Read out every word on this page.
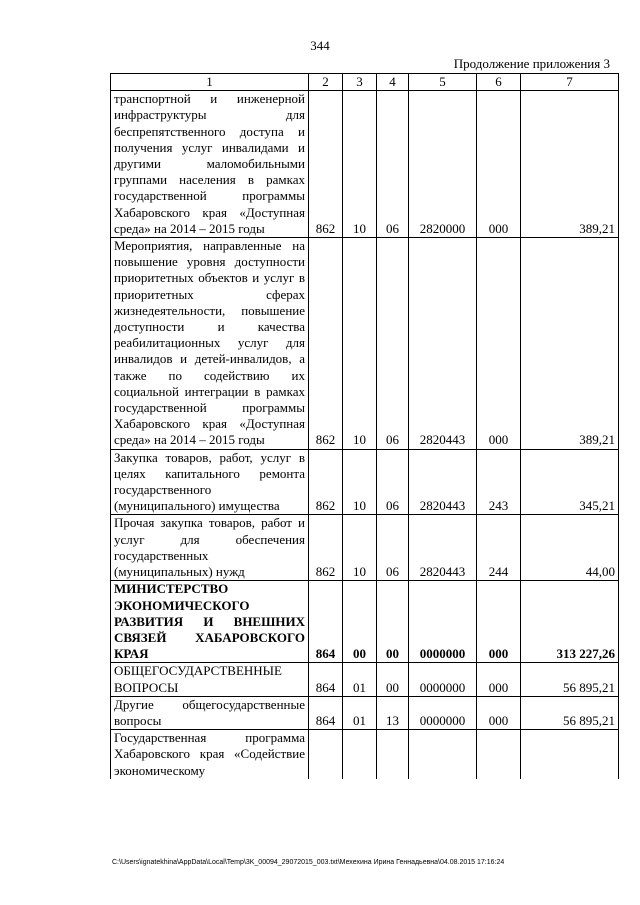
344
Продолжение приложения 3
1	2	3	4	5	6	7
транспортной и инженерной инфраструктуры для беспрепятственного доступа и получения услуг инвалидами и другими маломобильными группами населения в рамках государственной программы Хабаровского края «Доступная среда» на 2014 – 2015 годы	862	10	06	2820000	000	389,21
Мероприятия, направленные на повышение уровня доступности приоритетных объектов и услуг в приоритетных сферах жизнедеятельности, повышение доступности и качества реабилитационных услуг для инвалидов и детей-инвалидов, а также по содействию их социальной интеграции в рамках государственной программы Хабаровского края «Доступная среда» на 2014 – 2015 годы	862	10	06	2820443	000	389,21
Закупка товаров, работ, услуг в целях капитального ремонта государственного (муниципального) имущества	862	10	06	2820443	243	345,21
Прочая закупка товаров, работ и услуг для обеспечения государственных (муниципальных) нужд	862	10	06	2820443	244	44,00
МИНИСТЕРСТВО ЭКОНОМИЧЕСКОГО РАЗВИТИЯ И ВНЕШНИХ СВЯЗЕЙ ХАБАРОВСКОГО КРАЯ	864	00	00	0000000	000	313 227,26
ОБЩЕГОСУДАРСТВЕННЫЕ ВОПРОСЫ	864	01	00	0000000	000	56 895,21
Другие общегосударственные вопросы	864	01	13	0000000	000	56 895,21
Государственная программа Хабаровского края «Содействие экономическому						
C:\Users\ignatekhina\AppData\Local\Temp\3K_00094_29072015_003.txt\Мехехина Ирина Геннадьевна\04.08.2015 17:16:24
